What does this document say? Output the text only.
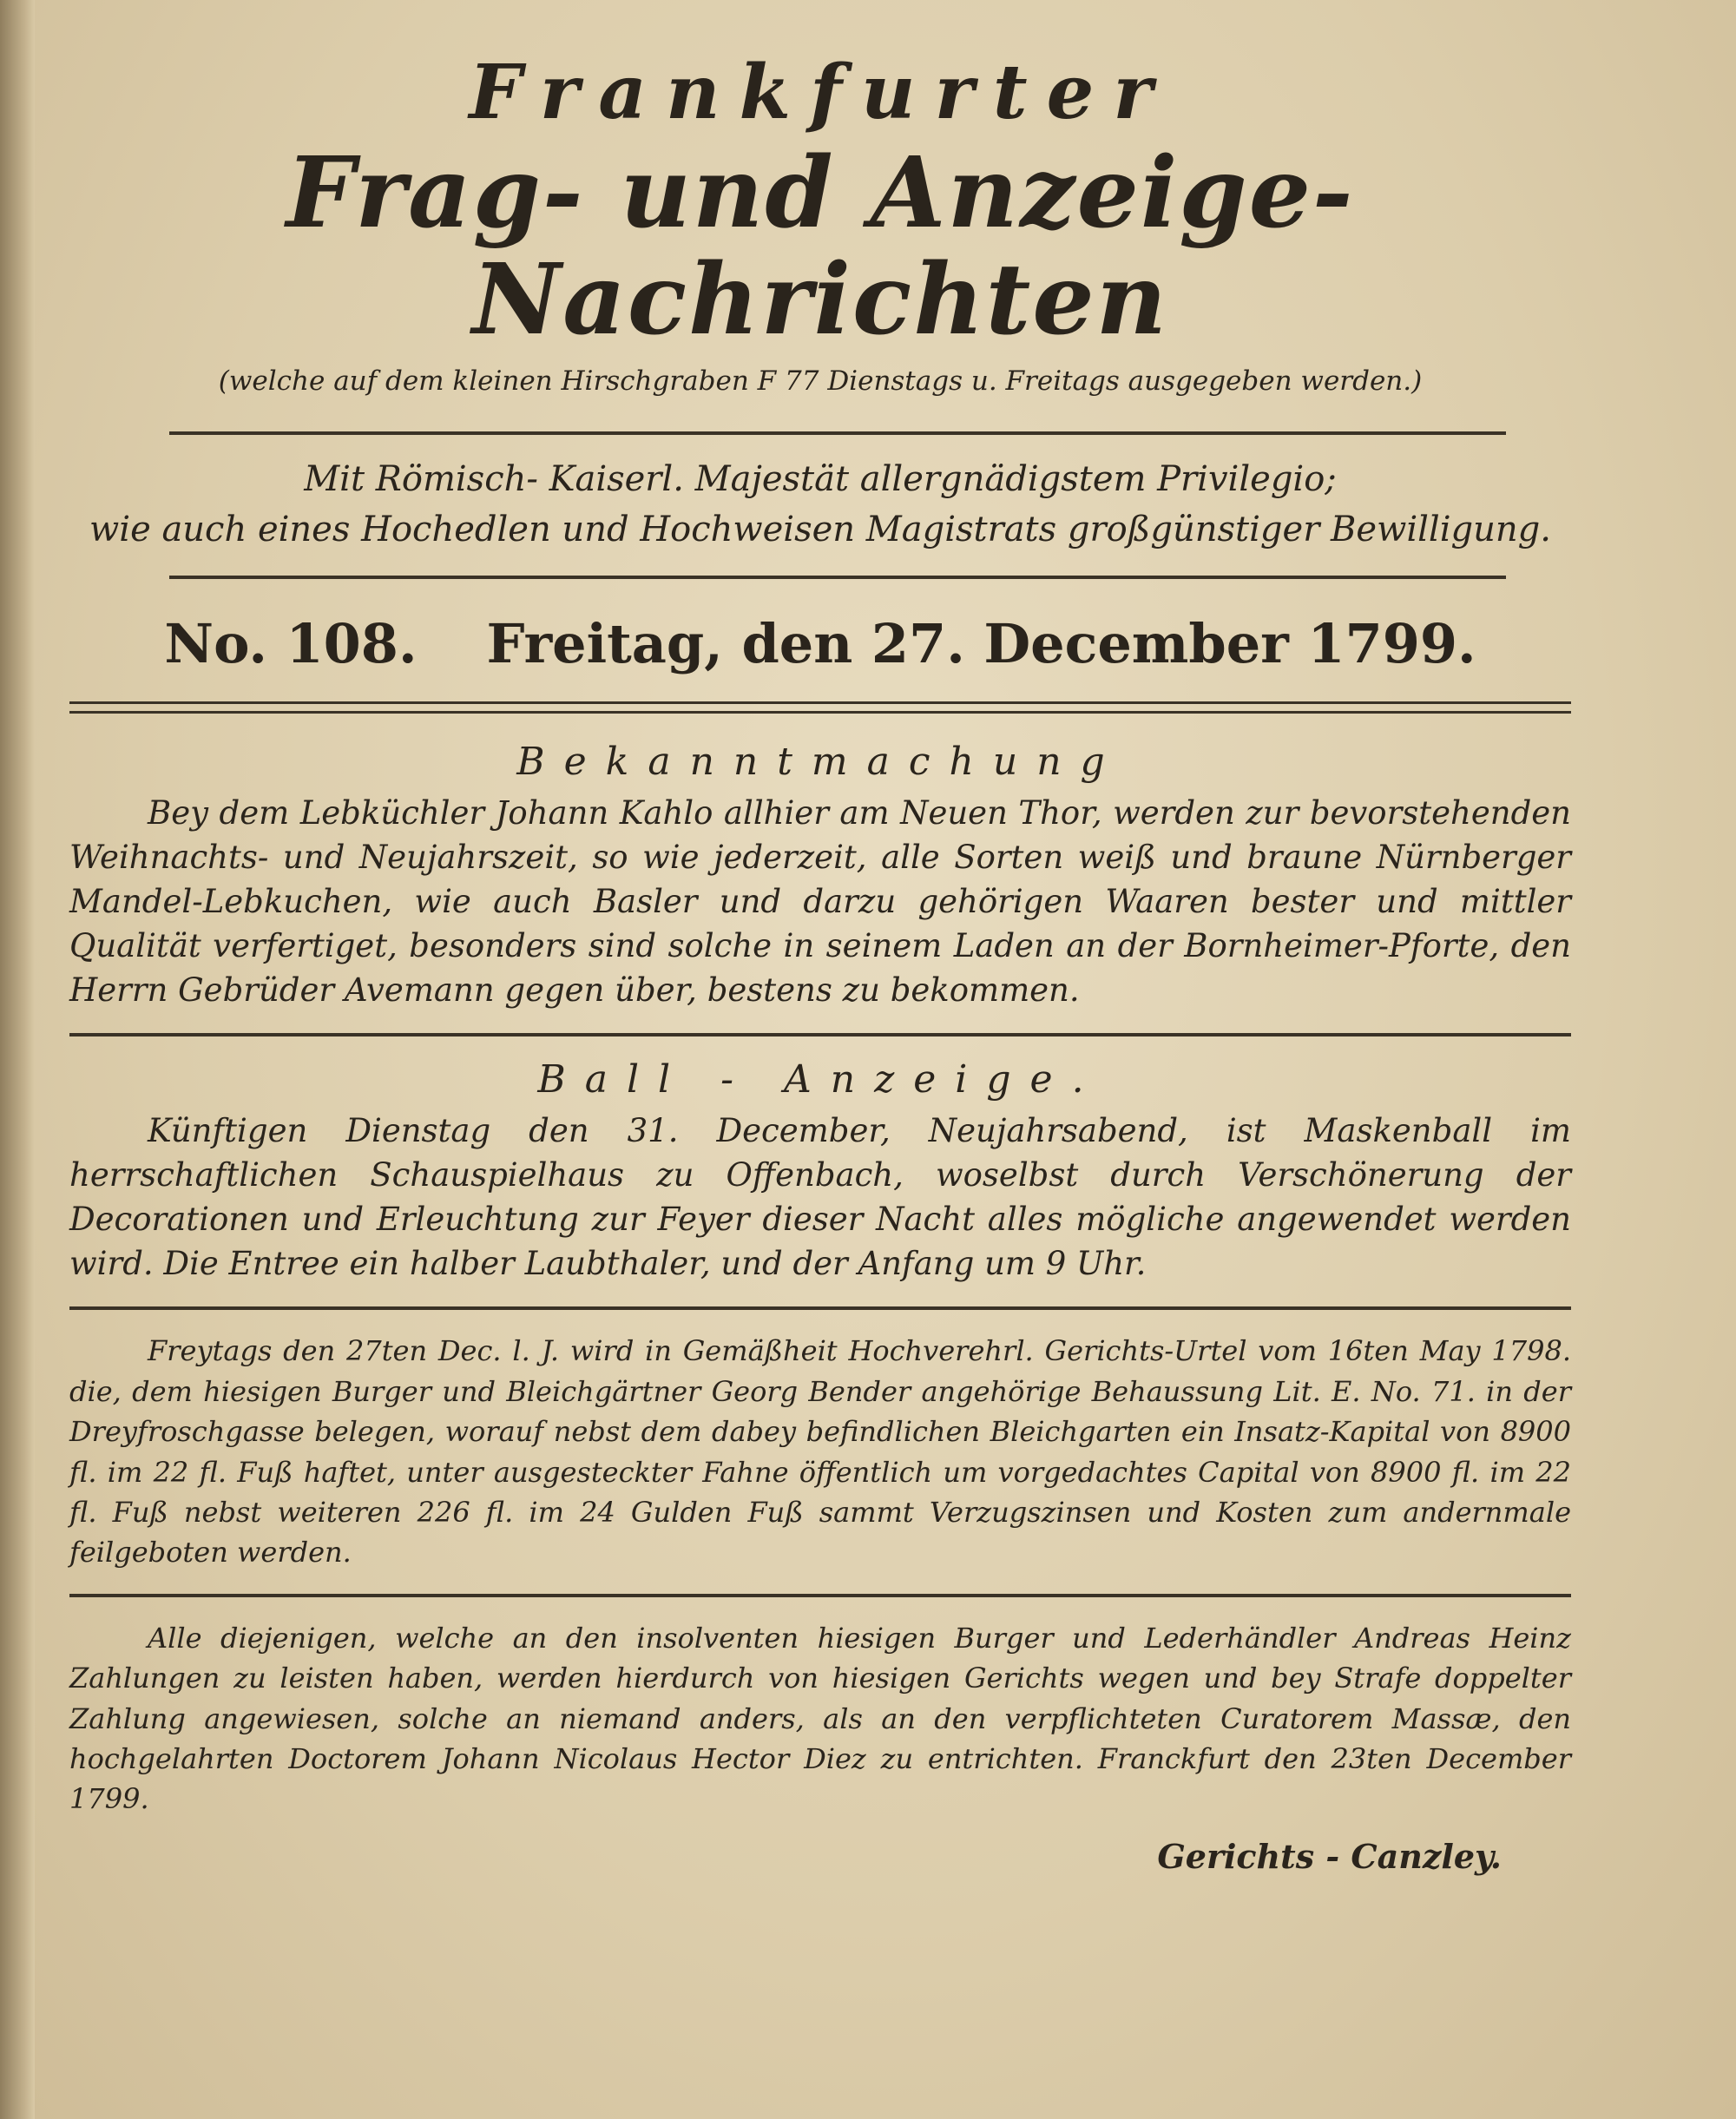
Frankfurter
Frag- und Anzeige-Nachrichten
(welche auf dem kleinen Hirschgraben F 77 Dienstags u. Freitags ausgegeben werden.)
Mit Römisch- Kaiserl. Majestät allergnädigstem Privilegio;
wie auch eines Hochedlen und Hochweisen Magistrats großgünstiger Bewilligung.
No. 108. Freitag, den 27. December 1799.
Bekanntmachung

Bey dem Lebküchler Johann Kahlo allhier am Neuen Thor, werden zur bevorstehenden Weihnachts- und Neujahrszeit, so wie jederzeit, alle Sorten weiß und braune Nürnberger Mandel-Lebkuchen, wie auch Basler und darzu gehörigen Waaren bester und mittler Qualität verfertiget, besonders sind solche in seinem Laden an der Bornheimer-Pforte, den Herrn Gebrüder Avemann gegen über, bestens zu bekommen.

Ball - Anzeige.

Künftigen Dienstag den 31. December, Neujahrsabend, ist Maskenball im herrschaftlichen Schauspielhaus zu Offenbach, woselbst durch Verschönerung der Decorationen und Erleuchtung zur Feyer dieser Nacht alles mögliche angewendet werden wird. Die Entree ein halber Laubthaler, und der Anfang um 9 Uhr.

Freytags den 27ten Dec. l. J. wird in Gemäßheit Hochverehrl. Gerichts-Urtel vom 16ten May 1798. die, dem hiesigen Burger und Bleichgärtner Georg Bender angehörige Behaussung Lit. E. No. 71. in der Dreyfroschgasse belegen, worauf nebst dem dabey befindlichen Bleichgarten ein Insatz-Kapital von 8900 fl. im 22 fl. Fuß haftet, unter ausgesteckter Fahne öffentlich um vorgedachtes Capital von 8900 fl. im 22 fl. Fuß nebst weiteren 226 fl. im 24 Gulden Fuß sammt Verzugszinsen und Kosten zum andernmale feilgeboten werden.

Alle diejenigen, welche an den insolventen hiesigen Burger und Lederhändler Andreas Heinz Zahlungen zu leisten haben, werden hierdurch von hiesigen Gerichts wegen und bey Strafe doppelter Zahlung angewiesen, solche an niemand anders, als an den verpflichteten Curatorem Massæ, den hochgelahrten Doctorem Johann Nicolaus Hector Diez zu entrichten. Franckfurt den 23ten December 1799.

Gerichts - Canzley.
